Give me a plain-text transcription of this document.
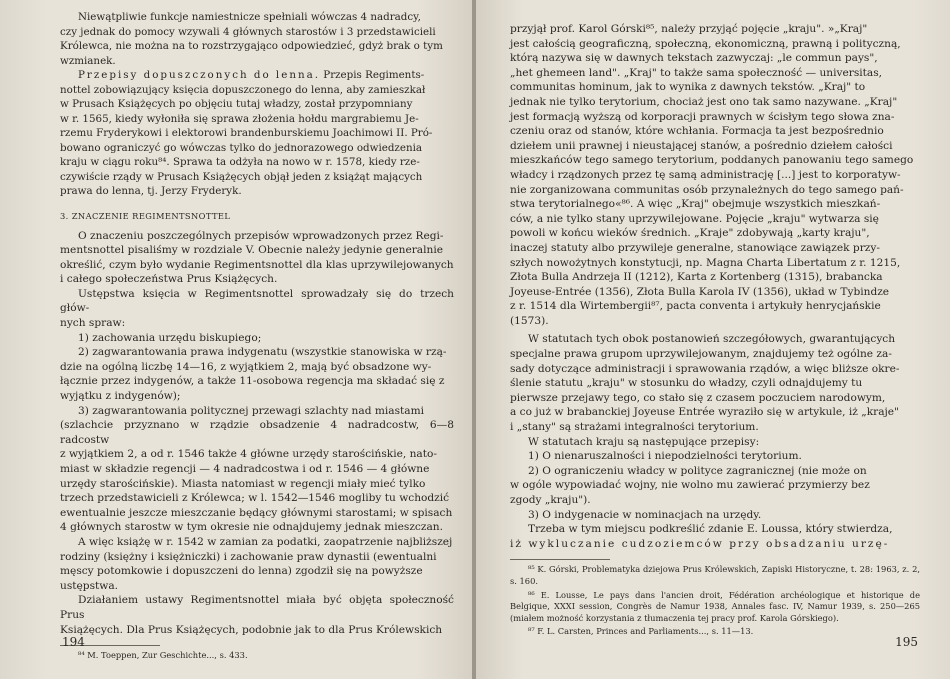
Niewątpliwie funkcje namiestnicze spełniali wówczas 4 nadradcy,

czy jednak do pomocy wzywali 4 głównych starostów i 3 przedstawicieli

Królewca, nie można na to rozstrzygająco odpowiedzieć, gdyż brak o tym

wzmianek.

Przepisy dopuszczonych do lenna. Przepis Regiments-

nottel zobowiązujący księcia dopuszczonego do lenna, aby zamieszkał

w Prusach Książęcych po objęciu tutaj władzy, został przypomniany

w r. 1565, kiedy wyłoniła się sprawa złożenia hołdu margrabiemu Je-

rzemu Fryderykowi i elektorowi brandenburskiemu Joachimowi II. Pró-

bowano ograniczyć go wówczas tylko do jednorazowego odwiedzenia

kraju w ciągu roku⁸⁴. Sprawa ta odżyła na nowo w r. 1578, kiedy rze-

czywiście rządy w Prusach Książęcych objął jeden z książąt mających

prawa do lenna, tj. Jerzy Fryderyk.

3. ZNACZENIE REGIMENTSNOTTEL

O znaczeniu poszczególnych przepisów wprowadzonych przez Regi-

mentsnottel pisaliśmy w rozdziale V. Obecnie należy jedynie generalnie

określić, czym było wydanie Regimentsnottel dla klas uprzywilejowanych

i całego społeczeństwa Prus Książęcych.

Ustępstwa księcia w Regimentsnottel sprowadzały się do trzech głów-

nych spraw:

1) zachowania urzędu biskupiego;

2) zagwarantowania prawa indygenatu (wszystkie stanowiska w rzą-

dzie na ogólną liczbę 14—16, z wyjątkiem 2, mają być obsadzone wy-

łącznie przez indygenów, a także 11-osobowa regencja ma składać się z

wyjątku z indygenów);

3) zagwarantowania politycznej przewagi szlachty nad miastami

(szlachcie przyznano w rządzie obsadzenie 4 nadradcostw, 6—8 radcostw

z wyjątkiem 2, a od r. 1546 także 4 główne urzędy starościńskie, nato-

miast w składzie regencji — 4 nadradcostwa i od r. 1546 — 4 główne

urzędy starościńskie). Miasta natomiast w regencji miały mieć tylko

trzech przedstawicieli z Królewca; w l. 1542—1546 mogliby tu wchodzić

ewentualnie jeszcze mieszczanie będący głównymi starostami; w spisach

4 głównych starostw w tym okresie nie odnajdujemy jednak mieszczan.

A więc książę w r. 1542 w zamian za podatki, zaopatrzenie najbliższej

rodziny (księżny i księżniczki) i zachowanie praw dynastii (ewentualni

męscy potomkowie i dopuszczeni do lenna) zgodził się na powyższe

ustępstwa.

Działaniem ustawy Regimentsnottel miała być objęta społeczność Prus

Książęcych. Dla Prus Książęcych, podobnie jak to dla Prus Królewskich

⁸⁴ M. Toeppen, Zur Geschichte..., s. 433.

194

przyjął prof. Karol Górski⁸⁵, należy przyjąć pojęcie „kraju". »„Kraj"

jest całością geograficzną, społeczną, ekonomiczną, prawną i polityczną,

którą nazywa się w dawnych tekstach zazwyczaj: „le commun pays",

„het ghemeen land". „Kraj" to także sama społeczność — universitas,

communitas hominum, jak to wynika z dawnych tekstów. „Kraj" to

jednak nie tylko terytorium, chociaż jest ono tak samo nazywane. „Kraj"

jest formacją wyższą od korporacji prawnych w ścisłym tego słowa zna-

czeniu oraz od stanów, które wchłania. Formacja ta jest bezpośrednio

dziełem unii prawnej i nieustającej stanów, a pośrednio dziełem całości

mieszkańców tego samego terytorium, poddanych panowaniu tego samego

władcy i rządzonych przez tę samą administrację [...] jest to korporatyw-

nie zorganizowana communitas osób przynależnych do tego samego pań-

stwa terytorialnego«⁸⁶. A więc „Kraj" obejmuje wszystkich mieszkań-

ców, a nie tylko stany uprzywilejowane. Pojęcie „kraju" wytwarza się

powoli w końcu wieków średnich. „Kraje" zdobywają „karty kraju",

inaczej statuty albo przywileje generalne, stanowiące zawiązek przy-

szłych nowożytnych konstytucji, np. Magna Charta Libertatum z r. 1215,

Złota Bulla Andrzeja II (1212), Karta z Kortenberg (1315), brabancka

Joyeuse-Entrée (1356), Złota Bulla Karola IV (1356), układ w Tybindze

z r. 1514 dla Wirtembergii⁸⁷, pacta conventa i artykuły henrycjańskie

(1573).

W statutach tych obok postanowień szczegółowych, gwarantujących

specjalne prawa grupom uprzywilejowanym, znajdujemy też ogólne za-

sady dotyczące administracji i sprawowania rządów, a więc bliższe okre-

ślenie statutu „kraju" w stosunku do władzy, czyli odnajdujemy tu

pierwsze przejawy tego, co stało się z czasem poczuciem narodowym,

a co już w brabanckiej Joyeuse Entrée wyraziło się w artykule, iż „kraje"

i „stany" są strażami integralności terytorium.

W statutach kraju są następujące przepisy:

1) O nienaruszalności i niepodzielności terytorium.

2) O ograniczeniu władcy w polityce zagranicznej (nie może on

w ogóle wypowiadać wojny, nie wolno mu zawierać przymierzy bez

zgody „kraju").

3) O indygenacie w nominacjach na urzędy.

Trzeba w tym miejscu podkreślić zdanie E. Loussa, który stwierdza,

iż wykluczanie cudzoziemców przy obsadzaniu urzę-

⁸⁵ K. Górski, Problematyka dziejowa Prus Królewskich, Zapiski Historyczne, t. 28: 1963, z. 2, s. 160.

⁸⁶ E. Lousse, Le pays dans l'ancien droit, Fédération archéologique et historique de Belgique, XXXI session, Congrès de Namur 1938, Annales fasc. IV, Namur 1939, s. 250—265 (miałem możność korzystania z tłumaczenia tej pracy prof. Karola Górskiego).

⁸⁷ F. L. Carsten, Princes and Parliaments..., s. 11—13.

195
